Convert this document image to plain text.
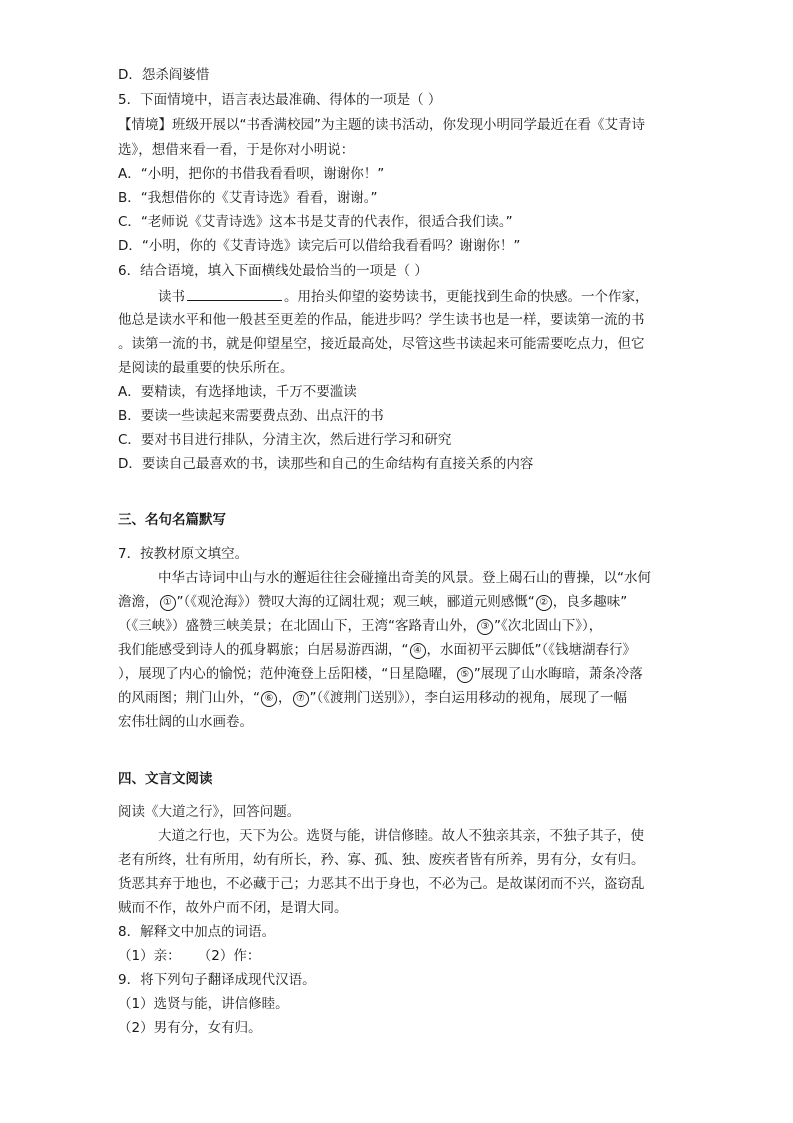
D．怨杀阎婆惜
5．下面情境中，语言表达最准确、得体的一项是（ ）
【情境】班级开展以“书香满校园”为主题的读书活动，你发现小明同学最近在看《艾青诗
选》，想借来看一看，于是你对小明说：
A．“小明，把你的书借我看看呗，谢谢你！”
B．“我想借你的《艾青诗选》看看，谢谢。”
C．“老师说《艾青诗选》这本书是艾青的代表作，很适合我们读。”
D．“小明，你的《艾青诗选》读完后可以借给我看看吗？谢谢你！”
6．结合语境，填入下面横线处最恰当的一项是（ ）
读书	。用抬头仰望的姿势读书，更能找到生命的快感。一个作家，
他总是读水平和他一般甚至更差的作品，能进步吗？学生读书也是一样，要读第一流的书
。读第一流的书，就是仰望星空，接近最高处，尽管这些书读起来可能需要吃点力，但它
是阅读的最重要的快乐所在。
A．要精读，有选择地读，千万不要滥读
B．要读一些读起来需要费点劲、出点汗的书
C．要对书目进行排队，分清主次，然后进行学习和研究
D．要读自己最喜欢的书，读那些和自己的生命结构有直接关系的内容
三、名句名篇默写
7．按教材原文填空。
中华古诗词中山与水的邂逅往往会碰撞出奇美的风景。登上碣石山的曹操，以“水何
澹澹， ① ”（《观沧海》）赞叹大海的辽阔壮观；观三峡，郦道元则感慨“ ② ，良多趣味”
（《三峡》）盛赞三峡美景；在北固山下，王湾“客路青山外， ③ ”《次北固山下》），
我们能感受到诗人的孤身羁旅；白居易游西湖，“ ④ ，水面初平云脚低”（《钱塘湖春行》
），展现了内心的愉悦；范仲淹登上岳阳楼，“日星隐曜， ⑤ ”展现了山水晦暗，萧条冷落
的风雨图；荆门山外，“ ⑥ ， ⑦ ”（《渡荆门送别》），李白运用移动的视角，展现了一幅
宏伟壮阔的山水画卷。
四、文言文阅读
阅读《大道之行》，回答问题。
大道之行也，天下为公。选贤与能，讲信修睦。故人不独亲其亲，不独子其子，使
老有所终，壮有所用，幼有所长，矜、寡、孤、独、废疾者皆有所养，男有分，女有归。
货恶其弃于地也，不必藏于己；力恶其不出于身也，不必为己。是故谋闭而不兴，盗窃乱
贼而不作，故外户而不闭，是谓大同。
8．解释文中加点的词语。
（1）亲：    （2）作：
9．将下列句子翻译成现代汉语。
（1）选贤与能，讲信修睦。
（2）男有分，女有归。
